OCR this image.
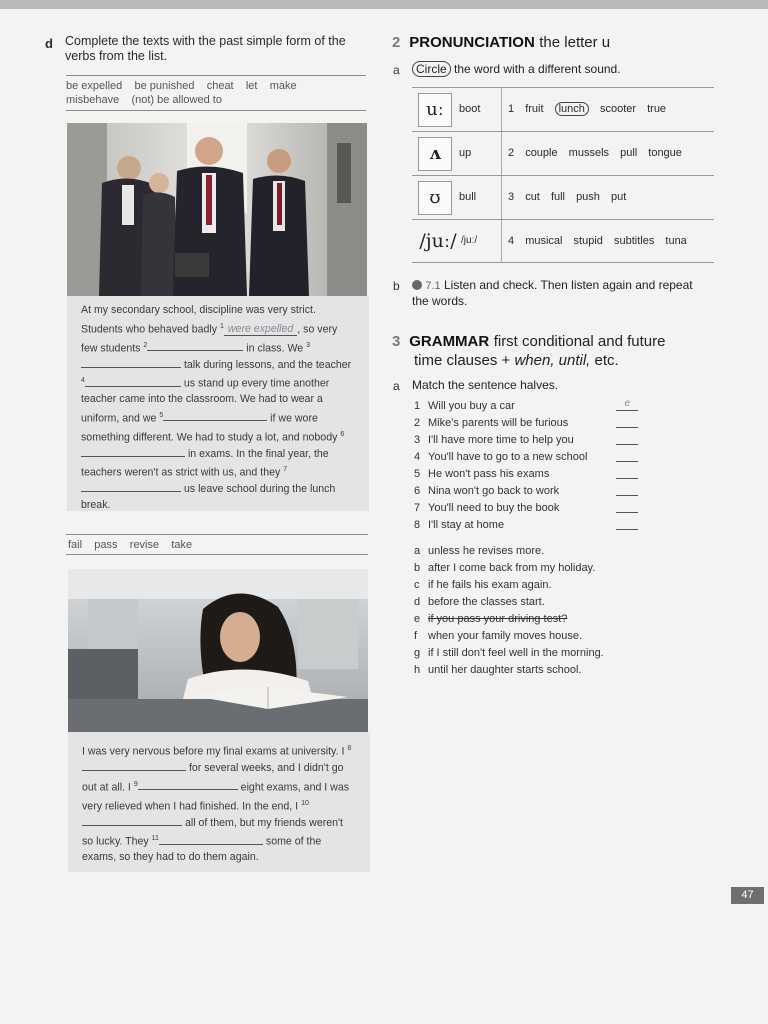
d Complete the texts with the past simple form of the verbs from the list.
be expelled be punished cheat let make
misbehave (not) be allowed to

At my secondary school, discipline was very strict. Students who behaved badly $^1$ were expelled , so very few students $^2$	in class. We $^3$ talk during lessons, and the teacher $^4$	us stand up every time another teacher came into the classroom. We had to wear a uniform, and we $^5$	if we wore something different. We had to study a lot, and nobody $^6$ in exams. In the final year, the teachers weren't as strict with us, and they $^7$ us leave school during the lunch break.

fail pass revise take

I was very nervous before my final exams at university. I $^8$ for several weeks, and I didn't go out at all. I $^9$	eight exams, and I was very relieved when I had finished. In the end, I $^{10}$ all of them, but my friends weren't so lucky. They $^{11}$	some of the exams, so they had to do them again.

2 PRONUNCIATION the letter u
a	Circle the word with a different sound.
uː	boot	1 fruit lunch scooter true
ʌ	up	2 couple mussels pull tongue
ʊ	bull	3 cut full push put
/juː/ /juː/	4 musical stupid subtitles tuna
b	7.1 Listen and check. Then listen again and repeat the words.
3 GRAMMAR first conditional and future
time clauses + when, until, etc.
a Match the sentence halves.
1 Will you buy a car	e
2 Mike's parents will be furious
3 I'll have more time to help you
4 You'll have to go to a new school
5 He won't pass his exams
6 Nina won't go back to work
7 You'll need to buy the book
8 I'll stay at home
a unless he revises more.
b after I come back from my holiday.
c if he fails his exam again.
d before the classes start.
e if you pass your driving test?
f when your family moves house.
g if I still don't feel well in the morning.
h until her daughter starts school.
47
